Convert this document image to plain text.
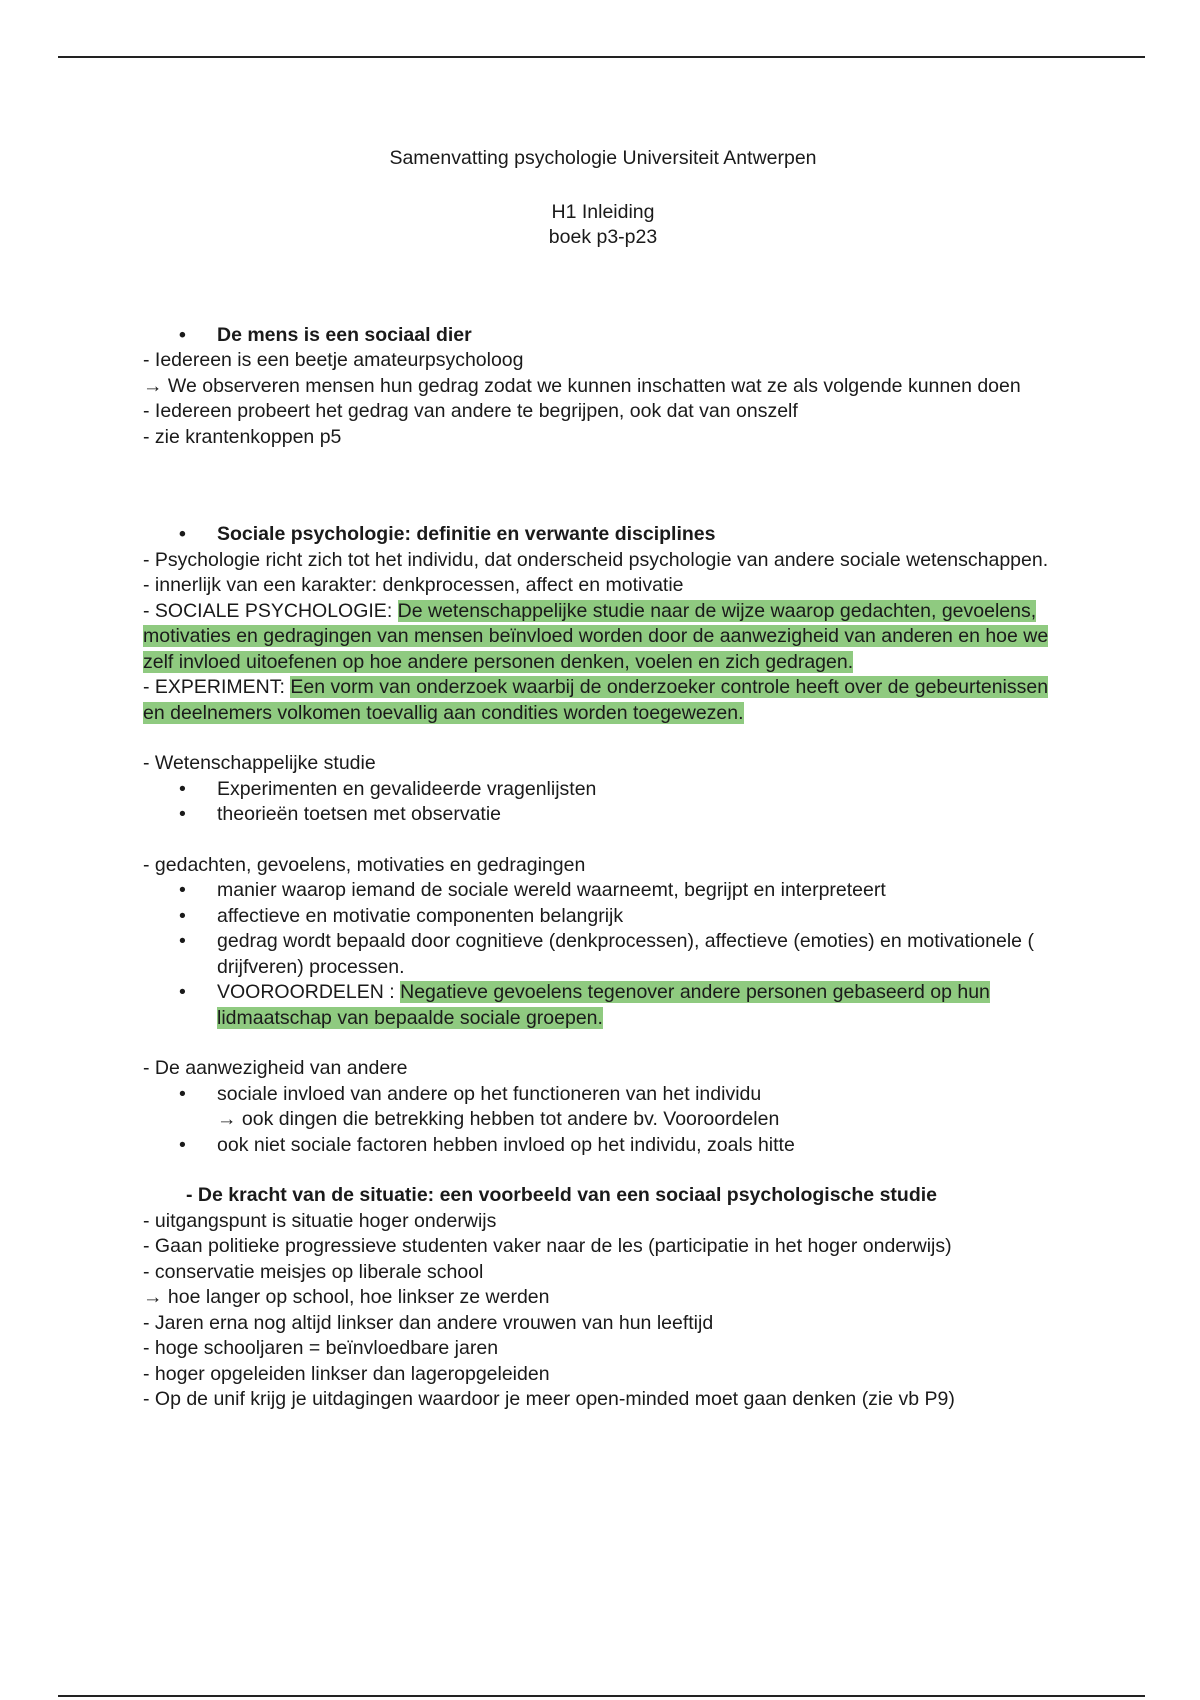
Samenvatting psychologie Universiteit Antwerpen

H1 Inleiding

boek p3-p23

• De mens is een sociaal dier

- Iedereen is een beetje amateurpsycholoog

→ We observeren mensen hun gedrag zodat we kunnen inschatten wat ze als volgende kunnen doen

- Iedereen probeert het gedrag van andere te begrijpen, ook dat van onszelf

- zie krantenkoppen p5

• Sociale psychologie: definitie en verwante disciplines

- Psychologie richt zich tot het individu, dat onderscheid psychologie van andere sociale wetenschappen.

- innerlijk van een karakter: denkprocessen, affect en motivatie

- SOCIALE PSYCHOLOGIE: De wetenschappelijke studie naar de wijze waarop gedachten, gevoelens, motivaties en gedragingen van mensen beïnvloed worden door de aanwezigheid van anderen en hoe we zelf invloed uitoefenen op hoe andere personen denken, voelen en zich gedragen.

- EXPERIMENT: Een vorm van onderzoek waarbij de onderzoeker controle heeft over de gebeurtenissen en deelnemers volkomen toevallig aan condities worden toegewezen.

- Wetenschappelijke studie

• Experimenten en gevalideerde vragenlijsten

• theorieën toetsen met observatie

- gedachten, gevoelens, motivaties en gedragingen

• manier waarop iemand de sociale wereld waarneemt, begrijpt en interpreteert

• affectieve en motivatie componenten belangrijk

• gedrag wordt bepaald door cognitieve (denkprocessen), affectieve (emoties) en motivationele ( drijfveren) processen.

• VOOROORDELEN : Negatieve gevoelens tegenover andere personen gebaseerd op hun lidmaatschap van bepaalde sociale groepen.

- De aanwezigheid van andere

• sociale invloed van andere op het functioneren van het individu

→ ook dingen die betrekking hebben tot andere bv. Vooroordelen

• ook niet sociale factoren hebben invloed op het individu, zoals hitte

- De kracht van de situatie: een voorbeeld van een sociaal psychologische studie

- uitgangspunt is situatie hoger onderwijs

- Gaan politieke progressieve studenten vaker naar de les (participatie in het hoger onderwijs)

- conservatie meisjes op liberale school

→ hoe langer op school, hoe linkser ze werden

- Jaren erna nog altijd linkser dan andere vrouwen van hun leeftijd

- hoge schooljaren = beïnvloedbare jaren

- hoger opgeleiden linkser dan lageropgeleiden

- Op de unif krijg je uitdagingen waardoor je meer open-minded moet gaan denken (zie vb P9)
